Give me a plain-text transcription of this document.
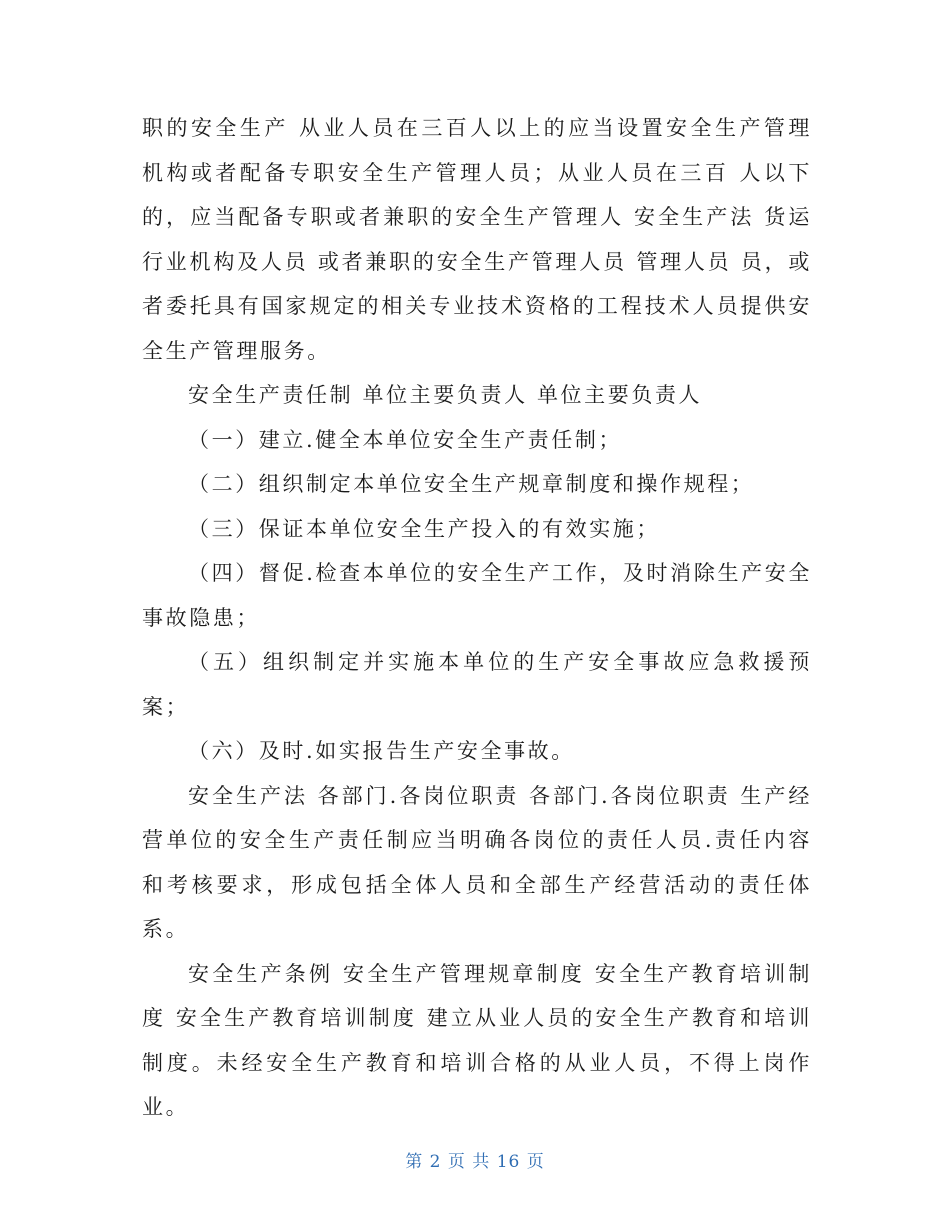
职的安全生产 从业人员在三百人以上的应当设置安全生产管理机构或者配备专职安全生产管理人员；从业人员在三百 人以下的，应当配备专职或者兼职的安全生产管理人 安全生产法 货运行业机构及人员 或者兼职的安全生产管理人员 管理人员 员，或者委托具有国家规定的相关专业技术资格的工程技术人员提供安全生产管理服务。

安全生产责任制 单位主要负责人 单位主要负责人

（一）建立.健全本单位安全生产责任制；

（二）组织制定本单位安全生产规章制度和操作规程；

（三）保证本单位安全生产投入的有效实施；

（四）督促.检查本单位的安全生产工作，及时消除生产安全事故隐患；

（五）组织制定并实施本单位的生产安全事故应急救援预案；

（六）及时.如实报告生产安全事故。

安全生产法 各部门.各岗位职责 各部门.各岗位职责 生产经营单位的安全生产责任制应当明确各岗位的责任人员.责任内容和考核要求，形成包括全体人员和全部生产经营活动的责任体系。

安全生产条例 安全生产管理规章制度 安全生产教育培训制度 安全生产教育培训制度 建立从业人员的安全生产教育和培训制度。未经安全生产教育和培训合格的从业人员，不得上岗作业。

第 2 页 共 16 页
